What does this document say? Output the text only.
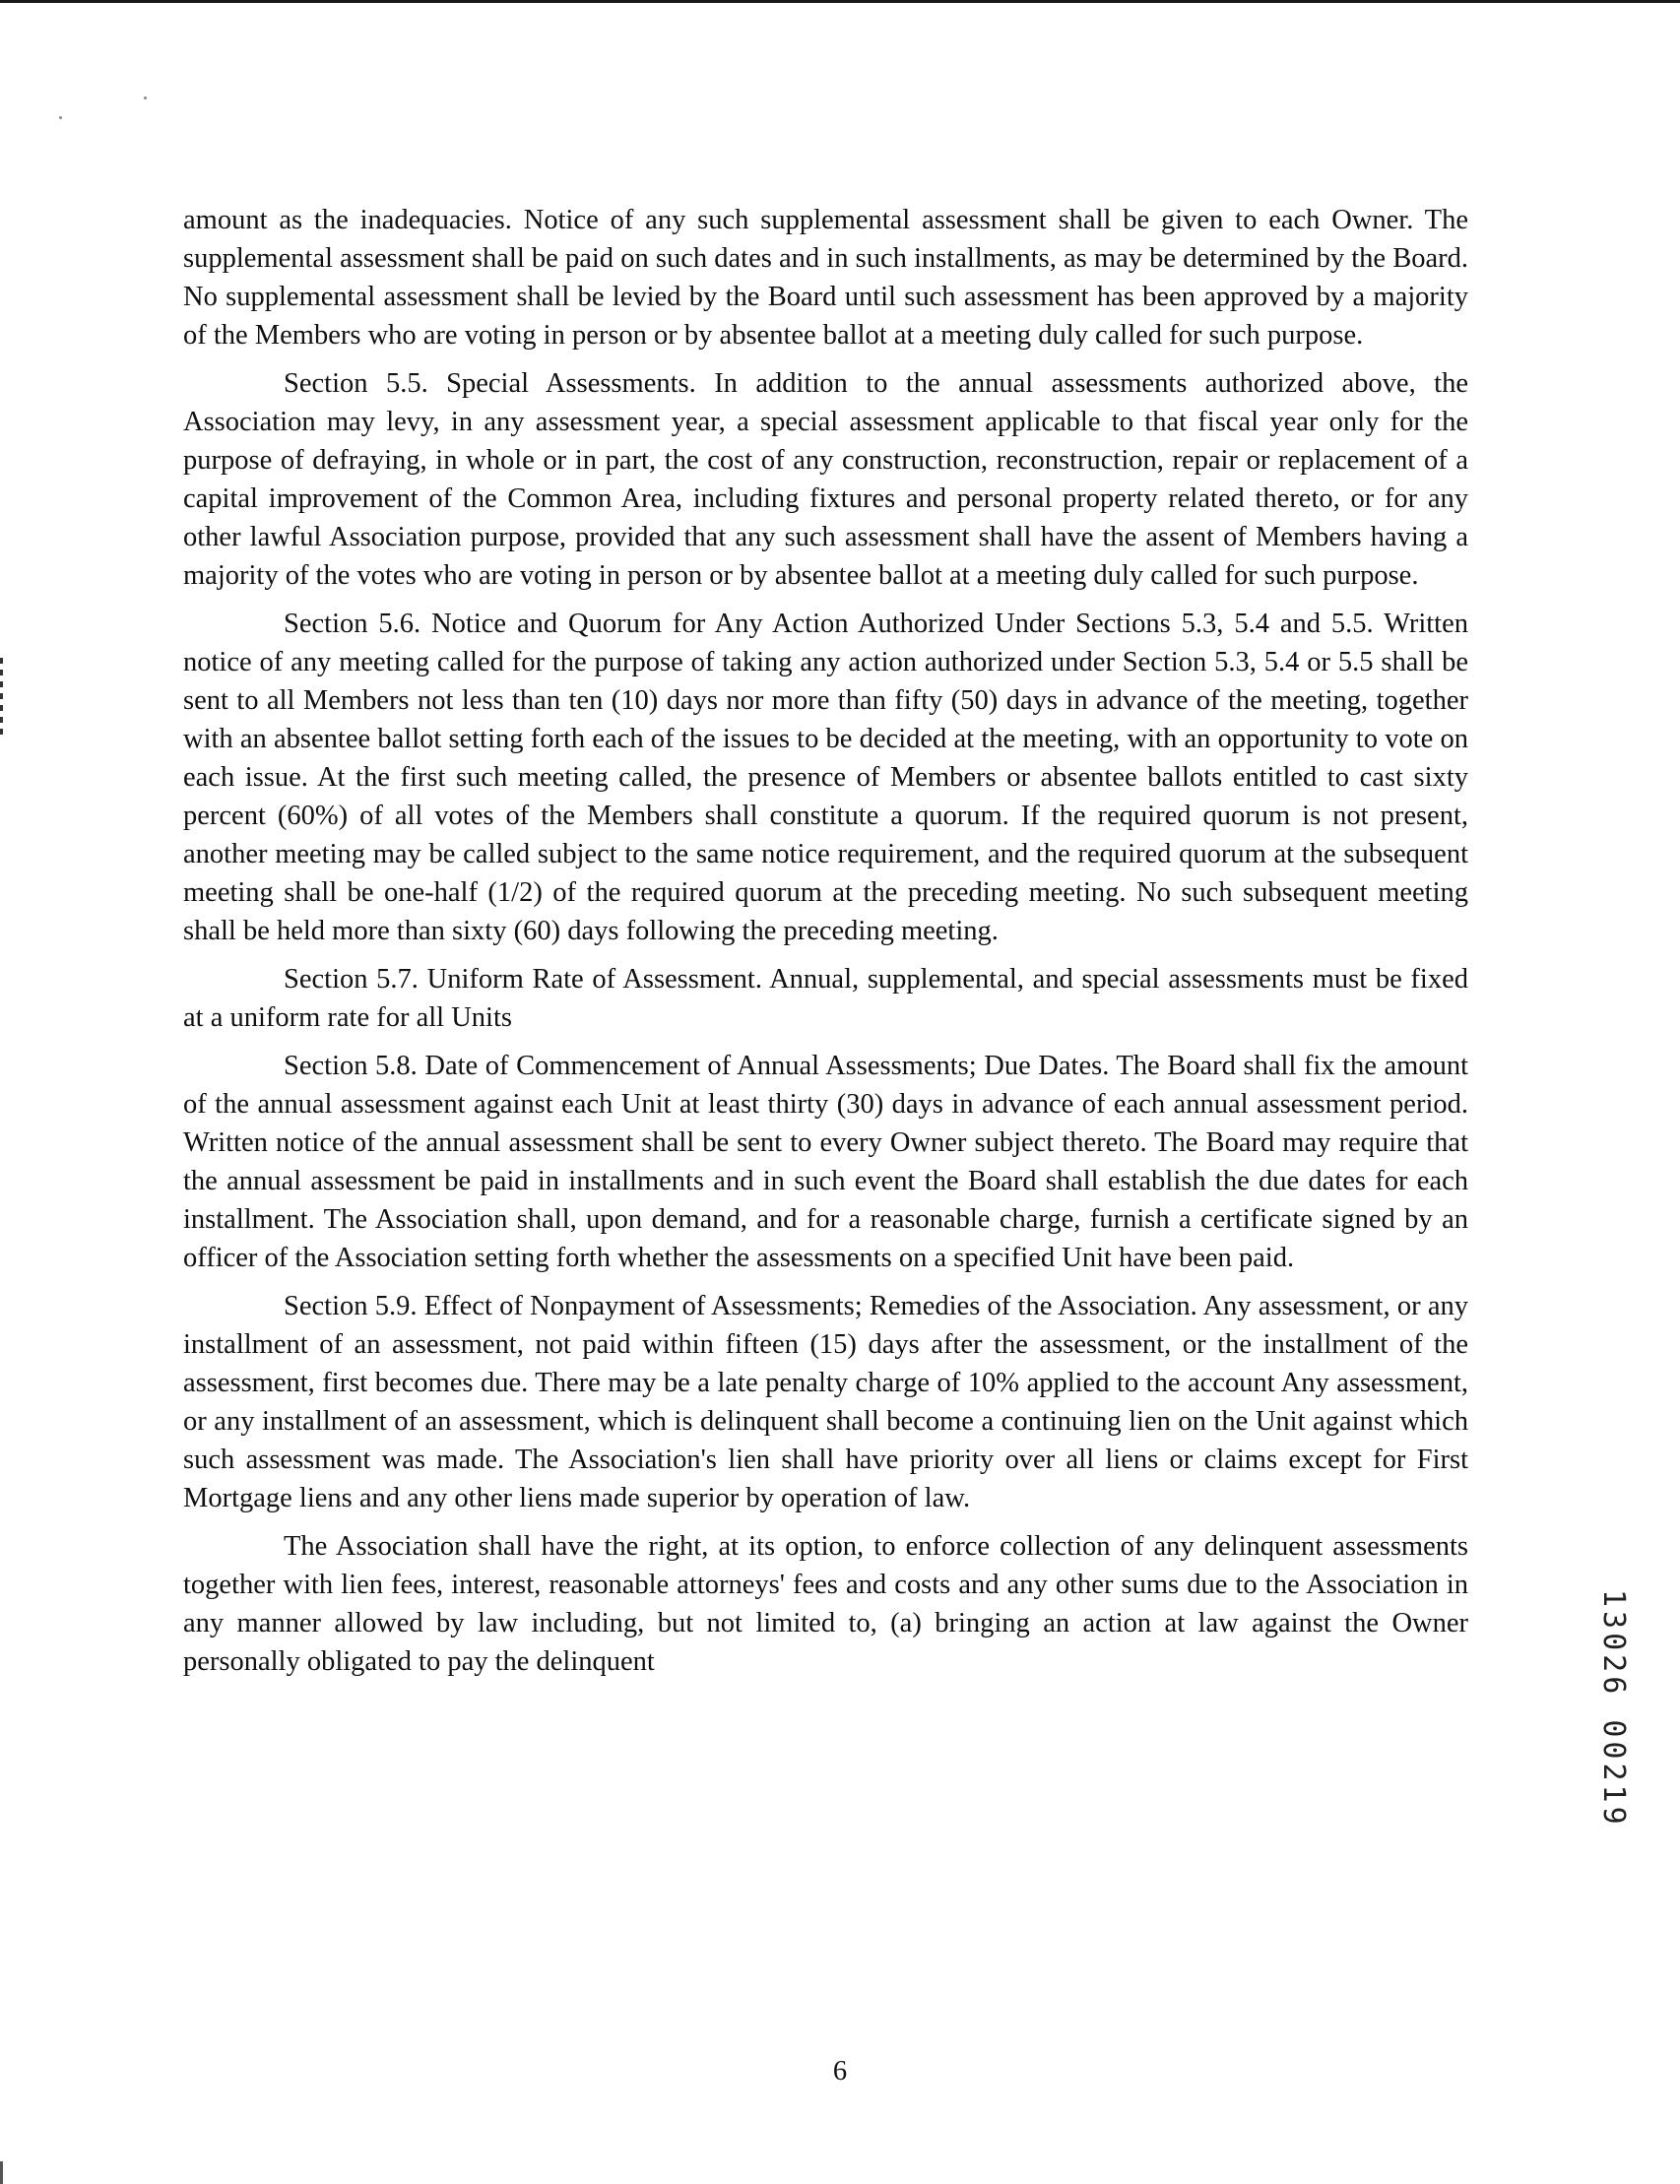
amount as the inadequacies. Notice of any such supplemental assessment shall be given to each Owner. The supplemental assessment shall be paid on such dates and in such installments, as may be determined by the Board. No supplemental assessment shall be levied by the Board until such assessment has been approved by a majority of the Members who are voting in person or by absentee ballot at a meeting duly called for such purpose.

Section 5.5. Special Assessments. In addition to the annual assessments authorized above, the Association may levy, in any assessment year, a special assessment applicable to that fiscal year only for the purpose of defraying, in whole or in part, the cost of any construction, reconstruction, repair or replacement of a capital improvement of the Common Area, including fixtures and personal property related thereto, or for any other lawful Association purpose, provided that any such assessment shall have the assent of Members having a majority of the votes who are voting in person or by absentee ballot at a meeting duly called for such purpose.

Section 5.6. Notice and Quorum for Any Action Authorized Under Sections 5.3, 5.4 and 5.5. Written notice of any meeting called for the purpose of taking any action authorized under Section 5.3, 5.4 or 5.5 shall be sent to all Members not less than ten (10) days nor more than fifty (50) days in advance of the meeting, together with an absentee ballot setting forth each of the issues to be decided at the meeting, with an opportunity to vote on each issue. At the first such meeting called, the presence of Members or absentee ballots entitled to cast sixty percent (60%) of all votes of the Members shall constitute a quorum. If the required quorum is not present, another meeting may be called subject to the same notice requirement, and the required quorum at the subsequent meeting shall be one-half (1/2) of the required quorum at the preceding meeting. No such subsequent meeting shall be held more than sixty (60) days following the preceding meeting.

Section 5.7. Uniform Rate of Assessment. Annual, supplemental, and special assessments must be fixed at a uniform rate for all Units

Section 5.8. Date of Commencement of Annual Assessments; Due Dates. The Board shall fix the amount of the annual assessment against each Unit at least thirty (30) days in advance of each annual assessment period. Written notice of the annual assessment shall be sent to every Owner subject thereto. The Board may require that the annual assessment be paid in installments and in such event the Board shall establish the due dates for each installment. The Association shall, upon demand, and for a reasonable charge, furnish a certificate signed by an officer of the Association setting forth whether the assessments on a specified Unit have been paid.

Section 5.9. Effect of Nonpayment of Assessments; Remedies of the Association. Any assessment, or any installment of an assessment, not paid within fifteen (15) days after the assessment, or the installment of the assessment, first becomes due. There may be a late penalty charge of 10% applied to the account Any assessment, or any installment of an assessment, which is delinquent shall become a continuing lien on the Unit against which such assessment was made. The Association's lien shall have priority over all liens or claims except for First Mortgage liens and any other liens made superior by operation of law.

The Association shall have the right, at its option, to enforce collection of any delinquent assessments together with lien fees, interest, reasonable attorneys' fees and costs and any other sums due to the Association in any manner allowed by law including, but not limited to, (a) bringing an action at law against the Owner personally obligated to pay the delinquent

6
13026 00219
